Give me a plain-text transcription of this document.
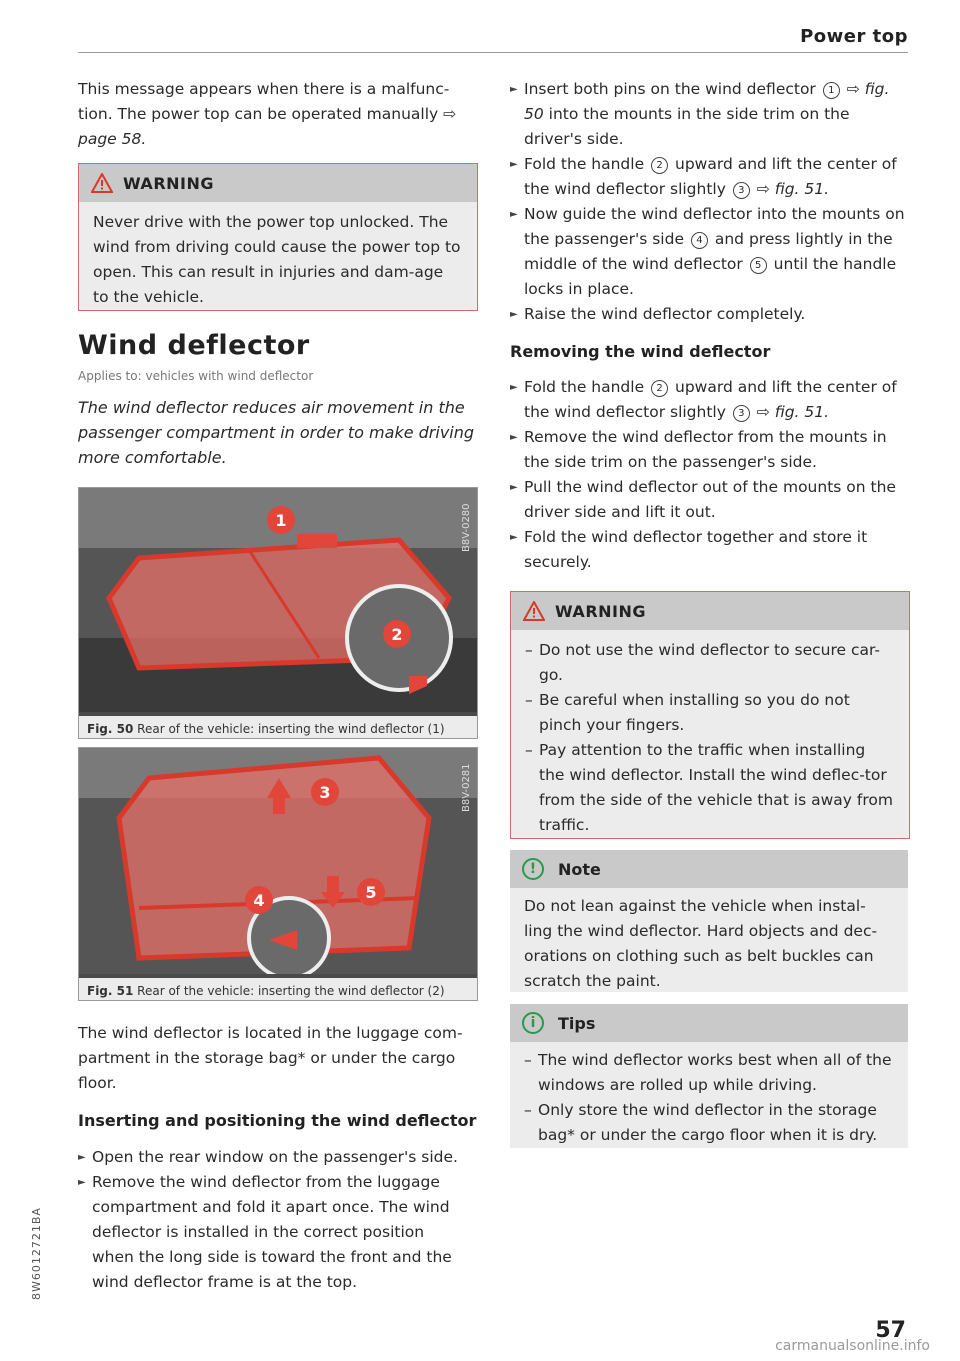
Power top

This message appears when there is a malfunc-tion. The power top can be operated manually ⇨ page 58.

WARNING
Never drive with the power top unlocked. The wind from driving could cause the power top to open. This can result in injuries and dam-age to the vehicle.
Wind deflector
Applies to: vehicles with wind deflector
The wind deflector reduces air movement in the passenger compartment in order to make driving more comfortable.
1
2
B8V-0280
Fig. 50 Rear of the vehicle: inserting the wind deflector (1)
3
4	5
B8V-0281
Fig. 51 Rear of the vehicle: inserting the wind deflector (2)
The wind deflector is located in the luggage com-partment in the storage bag* or under the cargo floor.
Inserting and positioning the wind deflector

► Open the rear window on the passenger's side.

► Remove the wind deflector from the luggage compartment and fold it apart once. The wind deflector is installed in the correct position when the long side is toward the front and the wind deflector frame is at the top.

► Insert both pins on the wind deflector 1 ⇨ fig. 50 into the mounts in the side trim on the driver's side.

► Fold the handle 2 upward and lift the center of the wind deflector slightly 3 ⇨ fig. 51.

► Now guide the wind deflector into the mounts on the passenger's side 4 and press lightly in the middle of the wind deflector 5 until the handle locks in place.

► Raise the wind deflector completely.

Removing the wind deflector

► Fold the handle 2 upward and lift the center of the wind deflector slightly 3 ⇨ fig. 51.

► Remove the wind deflector from the mounts in the side trim on the passenger's side.

► Pull the wind deflector out of the mounts on the driver side and lift it out.

► Fold the wind deflector together and store it securely.

WARNING

– Do not use the wind deflector to secure car-go.

– Be careful when installing so you do not pinch your fingers.

– Pay attention to the traffic when installing the wind deflector. Install the wind deflec-tor from the side of the vehicle that is away from traffic.

!	Note
Do not lean against the vehicle when instal-ling the wind deflector. Hard objects and dec-orations on clothing such as belt buckles can scratch the paint.
i	Tips

– The wind deflector works best when all of the windows are rolled up while driving.

– Only store the wind deflector in the storage bag* or under the cargo floor when it is dry.

8W6012721BA
57
carmanualsonline.info
